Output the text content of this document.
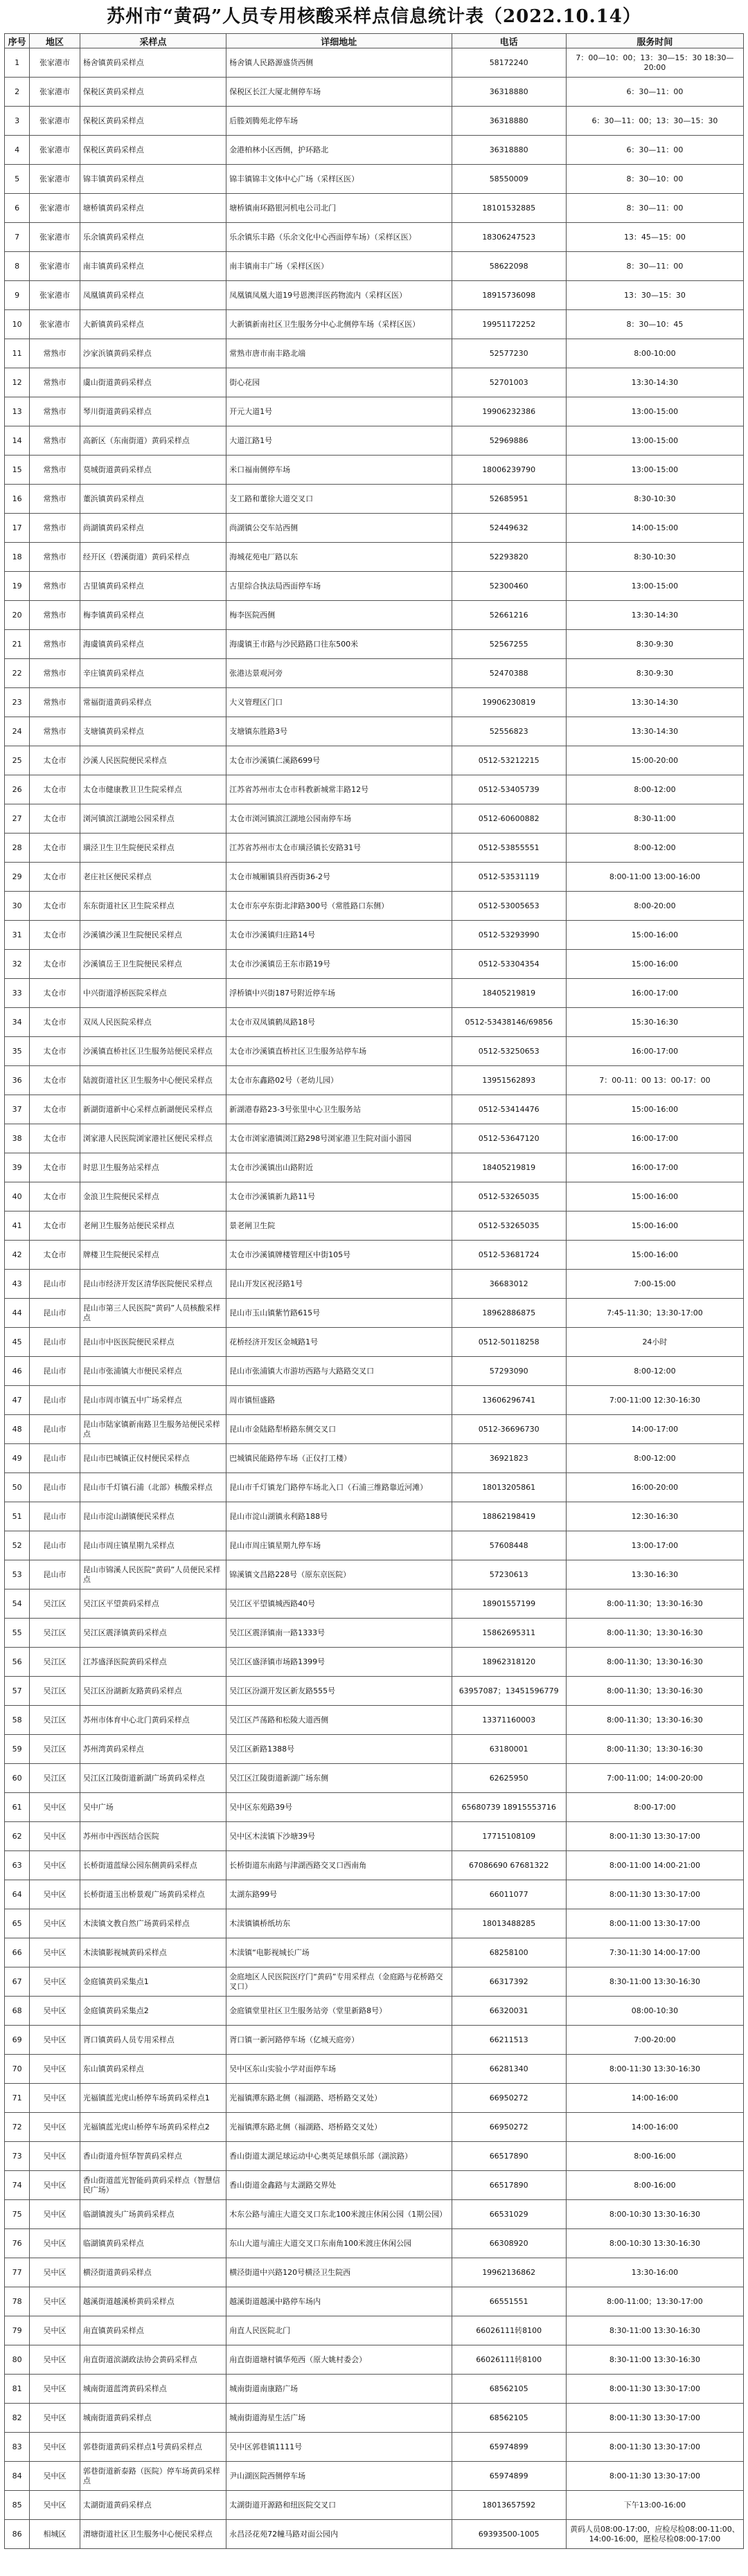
苏州市“黄码”人员专用核酸采样点信息统计表（2022.10.14）
序号	地区	采样点	详细地址	电话	服务时间
1	张家港市	杨舍镇黄码采样点	杨舍镇人民路源盛货西侧	58172240	7：00—10：00；13：30—15：30 18:30—20:00
2	张家港市	保税区黄码采样点	保税区长江大厦北侧停车场	36318880	6：30—11：00
3	张家港市	保税区黄码采样点	后塍刘腾苑北停车场	36318880	6：30—11：00；13：30—15：30
4	张家港市	保税区黄码采样点	金港柏林小区西侧，护环路北	36318880	6：30—11：00
5	张家港市	锦丰镇黄码采样点	锦丰镇锦丰文体中心广场（采样区医）	58550009	8：30—10：00
6	张家港市	塘桥镇黄码采样点	塘桥镇南环路银河机电公司北门	18101532885	8：30—11：00
7	张家港市	乐余镇黄码采样点	乐余镇乐丰路（乐余文化中心西面停车场）（采样区医）	18306247523	13：45—15：00
8	张家港市	南丰镇黄码采样点	南丰镇南丰广场（采样区医）	58622098	8：30—11：00
9	张家港市	凤凰镇黄码采样点	凤凰镇凤凰大道19号恩澳洋医药物流内（采样区医）	18915736098	13：30—15：30
10	张家港市	大新镇黄码采样点	大新镇新南社区卫生服务分中心北侧停车场（采样区医）	19951172252	8：30—10：45
11	常熟市	沙家浜镇黄码采样点	常熟市唐市南丰路北端	52577230	8:00-10:00
12	常熟市	虞山街道黄码采样点	街心花园	52701003	13:30-14:30
13	常熟市	琴川街道黄码采样点	开元大道1号	19906232386	13:00-15:00
14	常熟市	高新区（东南街道）黄码采样点	大道江路1号	52969886	13:00-15:00
15	常熟市	莫城街道黄码采样点	米口福南侧停车场	18006239790	13:00-15:00
16	常熟市	董浜镇黄码采样点	支工路和董徐大道交叉口	52685951	8:30-10:30
17	常熟市	尚湖镇黄码采样点	尚湖镇公交车站西侧	52449632	14:00-15:00
18	常熟市	经开区（碧溪街道）黄码采样点	海城花苑电厂路以东	52293820	8:30-10:30
19	常熟市	古里镇黄码采样点	古里综合执法局西面停车场	52300460	13:00-15:00
20	常熟市	梅李镇黄码采样点	梅李医院西侧	52661216	13:30-14:30
21	常熟市	海虞镇黄码采样点	海虞镇王市路与沙民路路口往东500米	52567255	8:30-9:30
22	常熟市	辛庄镇黄码采样点	张港达景观河旁	52470388	8:30-9:30
23	常熟市	常福街道黄码采样点	大义管理区门口	19906230819	13:30-14:30
24	常熟市	支塘镇黄码采样点	支塘镇东胜路3号	52556823	13:30-14:30
25	太仓市	沙溪人民医院便民采样点	太仓市沙溪镇仁溪路699号	0512-53212215	15:00-20:00
26	太仓市	太仓市健康教卫卫生院采样点	江苏省苏州市太仓市科教新城常丰路12号	0512-53405739	8:00-12:00
27	太仓市	浏河镇滨江湖地公园采样点	太仓市浏河镇滨江湖地公园南停车场	0512-60600882	8:30-11:00
28	太仓市	璜泾卫生卫生院便民采样点	江苏省苏州市太仓市璜泾镇长安路31号	0512-53855551	8:00-12:00
29	太仓市	老庄社区便民采样点	太仓市城厢镇县府西街36-2号	0512-53531119	8:00-11:00 13:00-16:00
30	太仓市	东东街道社区卫生院采样点	太仓市东亭东街北津路300号（常胜路口东侧）	0512-53005653	8:00-20:00
31	太仓市	沙溪镇沙溪卫生院便民采样点	太仓市沙溪镇归庄路14号	0512-53293990	15:00-16:00
32	太仓市	沙溪镇岳王卫生院便民采样点	太仓市沙溪镇岳王东市路19号	0512-53304354	15:00-16:00
33	太仓市	中兴街道浮桥医院采样点	浮桥镇中兴街187号附近停车场	18405219819	16:00-17:00
34	太仓市	双凤人民医院采样点	太仓市双凤镇鹤凤路18号	0512-53438146/69856	15:30-16:30
35	太仓市	沙溪镇直桥社区卫生服务站便民采样点	太仓市沙溪镇直桥社区卫生服务站停车场	0512-53250653	16:00-17:00
36	太仓市	陆渡街道社区卫生服务中心便民采样点	太仓市东鑫路02号（老幼儿园）	13951562893	7：00-11：00 13：00-17：00
37	太仓市	新湖街道新中心采样点新湖便民采样点	新湖港春路23-3号张里中心卫生服务站	0512-53414476	15:00-16:00
38	太仓市	浏家港人民医院浏家港社区便民采样点	太仓市浏家港镇浏江路298号浏家港卫生院对面小游园	0512-53647120	16:00-17:00
39	太仓市	时思卫生服务站采样点	太仓市沙溪镇出山路附近	18405219819	16:00-17:00
40	太仓市	金浪卫生院便民采样点	太仓市沙溪镇新九路11号	0512-53265035	15:00-16:00
41	太仓市	老闸卫生服务站便民采样点	景老闸卫生院	0512-53265035	15:00-16:00
42	太仓市	牌楼卫生院便民采样点	太仓市沙溪镇牌楼管理区中街105号	0512-53681724	15:00-16:00
43	昆山市	昆山市经济开发区清华医院便民采样点	昆山开发区祝泾路1号	36683012	7:00-15:00
44	昆山市	昆山市第三人民医院“黄码”人员核酸采样点	昆山市玉山镇紫竹路615号	18962886875	7:45-11:30；13:30-17:00
45	昆山市	昆山市中医医院便民采样点	花桥经济开发区金城路1号	0512-50118258	24小时
46	昆山市	昆山市张浦镇大市便民采样点	昆山市张浦镇大市游坊西路与大路路交叉口	57293090	8:00-12:00
47	昆山市	昆山市周市镇五中广场采样点	周市镇恒盛路	13606296741	7:00-11:00 12:30-16:30
48	昆山市	昆山市陆家镇新南路卫生服务站便民采样点	昆山市金陆路犁桥路东侧交叉口	0512-36696730	14:00-17:00
49	昆山市	昆山市巴城镇正仪村便民采样点	巴城镇民能路停车场（正仪打工楼）	36921823	8:00-12:00
50	昆山市	昆山市千灯镇石浦（北部）核酸采样点	昆山市千灯镇龙门路停车场北入口（石浦三维路靠近河滩）	18013205861	16:00-20:00
51	昆山市	昆山市淀山湖镇便民采样点	昆山市淀山湖镇永利路188号	18862198419	12:30-16:30
52	昆山市	昆山市周庄镇星期九采样点	昆山市周庄镇星期九停车场	57608448	13:00-17:00
53	昆山市	昆山市锦溪人民医院“黄码”人员便民采样点	锦溪镇文昌路228号（原东京医院）	57230613	13:30-16:30
54	吴江区	吴江区平望黄码采样点	吴江区平望镇城西路40号	18901557199	8:00-11:30；13:30-16:30
55	吴江区	吴江区震泽镇黄码采样点	吴江区震泽镇南一路1333号	15862695311	8:00-11:30；13:30-16:30
56	吴江区	江苏盛泽医院黄码采样点	吴江区盛泽镇市场路1399号	18962318120	8:00-11:30；13:30-16:30
57	吴江区	吴江区汾湖新友路黄码采样点	吴江区汾湖开发区新友路555号	63957087；13451596779	8:00-11:30；13:30-16:30
58	吴江区	苏州市体育中心北门黄码采样点	吴江区芦荡路和松陵大道西侧	13371160003	8:00-11:30；13:30-16:30
59	吴江区	苏州湾黄码采样点	吴江区新路1388号	63180001	8:00-11:30；13:30-16:30
60	吴江区	吴江区江陵街道新湖广场黄码采样点	吴江区江陵街道新湖广场东侧	62625950	7:00-11:00；14:00-20:00
61	吴中区	吴中广场	吴中区东苑路39号	65680739 18915553716	8:00-17:00
62	吴中区	苏州市中西医结合医院	吴中区木渎镇下沙塘39号	17715108109	8:00-11:30 13:30-17:00
63	吴中区	长桥街道蓝绿公园东侧黄码采样点	长桥街道东南路与津湖西路交叉口西南角	67086690 67681322	8:00-11:00 14:00-21:00
64	吴中区	长桥街道玉出桥景观广场黄码采样点	太湖东路99号	66011077	8:00-11:30 13:30-17:00
65	吴中区	木渎镇文教自然广场黄码采样点	木渎镇镇桥纸坊东	18013488285	8:00-11:00 13:30-17:00
66	吴中区	木渎镇影视城黄码采样点	木渎镇“电影视城长广场	68258100	7:30-11:30 14:00-17:00
67	吴中区	金庭镇黄码采集点1	金庭地区人民医院医疗门“黄码”专用采样点（金庭路与花桥路交叉口）	66317392	8:30-11:00 13:30-16:30
68	吴中区	金庭镇黄码采集点2	金庭镇堂里社区卫生服务站旁（堂里新路8号）	66320031	08:00-10:30
69	吴中区	胥口镇黄码人员专用采样点	胥口镇一新河路停车场（亿城天庭旁）	66211513	7:00-20:00
70	吴中区	东山镇黄码采样点	吴中区东山实验小学对面停车场	66281340	8:00-11:30 13:30-16:30
71	吴中区	光福镇蓝光虎山桥停车场黄码采样点1	光福镇潭东路北侧（福湖路、塔桥路交叉处）	66950272	14:00-16:00
72	吴中区	光福镇蓝光虎山桥停车场黄码采样点2	光福镇潭东路北侧（福湖路、塔桥路交叉处）	66950272	14:00-16:00
73	吴中区	香山街道舟恒华智黄码采样点	香山街道太湖足球运动中心奥英足球俱乐部（湖滨路）	66517890	8:00-16:00
74	吴中区	香山街道蓝光智能码黄码采样点（智慧信民广场）	香山街道金鑫路与太湖路交界处	66517890	8:00-16:00
75	吴中区	临湖镇渡头广场黄码采样点	木东公路与浦庄大道交叉口东北100米渡庄休闲公园（1期公园）	66531029	8:00-10:30 13:30-16:30
76	吴中区	临湖镇黄码采样点	东山大道与浦庄大道交叉口东南角100米渡庄休闲公园	66308920	8:00-10:30 13:30-16:30
77	吴中区	横泾街道黄码采样点	横泾街道中兴路120号横泾卫生院西	19962136862	13:30-16:00
78	吴中区	越溪街道越溪桥黄码采样点	越溪街道越溪中路停车场内	66551551	8:00-11:00；13:30-17:00
79	吴中区	甪直镇黄码采样点	甪直人民医院北门	66026111转8100	8:30-11:00 13:30-16:30
80	吴中区	甪直街道滨湖政法协会黄码采样点	甪直街道塘村镇华苑西（原大姚村委会）	66026111转8100	8:30-11:00 13:30-16:30
81	吴中区	城南街道蓝湾黄码采样点	城南街道南康路广场	68562105	8:00-11:30 13:30-17:00
82	吴中区	城南街道黄码采样点	城南街道海星生活广场	68562105	8:00-11:30 13:30-17:00
83	吴中区	郭巷街道黄码采样点1号黄码采样点	吴中区郭巷镇1111号	65974899	8:00-11:30 13:30-17:00
84	吴中区	郭巷街道新泰路（医院）停车场黄码采样点	尹山湖医院西侧停车场	65974899	8:00-11:30 13:30-17:00
85	吴中区	太湖街道黄码采样点	太湖街道开源路和纽医院交叉口	18013657592	下午13:00-16:00
86	相城区	渭塘街道社区卫生服务中心便民采样点	永昌泾花苑72幢马路对面公园内	69393500-1005	黄码人员08:00-17:00，应检尽检08:00-11:00、14:00-16:00，愿检尽检08:00-17:00
